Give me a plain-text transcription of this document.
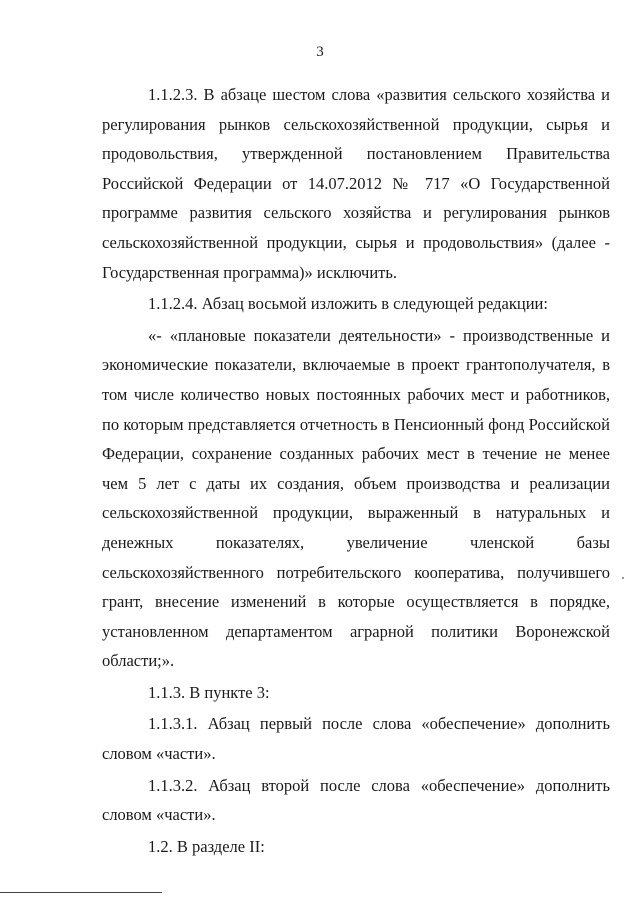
3

1.1.2.3. В абзаце шестом слова «развития сельского хозяйства и регулирования рынков сельскохозяйственной продукции, сырья и продовольствия, утвержденной постановлением Правительства Российской Федерации от 14.07.2012 № 717 «О Государственной программе развития сельского хозяйства и регулирования рынков сельскохозяйственной продукции, сырья и продовольствия» (далее - Государственная программа)» исключить.

1.1.2.4. Абзац восьмой изложить в следующей редакции:

«- «плановые показатели деятельности» - производственные и экономические показатели, включаемые в проект грантополучателя, в том числе количество новых постоянных рабочих мест и работников, по которым представляется отчетность в Пенсионный фонд Российской Федерации, сохранение созданных рабочих мест в течение не менее чем 5 лет с даты их создания, объем производства и реализации сельскохозяйственной продукции, выраженный в натуральных и денежных показателях, увеличение членской базы сельскохозяйственного потребительского кооператива, получившего грант, внесение изменений в которые осуществляется в порядке, установленном департаментом аграрной политики Воронежской области;».

1.1.3. В пункте 3:

1.1.3.1. Абзац первый после слова «обеспечение» дополнить словом «части».

1.1.3.2. Абзац второй после слова «обеспечение» дополнить словом «части».

1.2. В разделе II:
